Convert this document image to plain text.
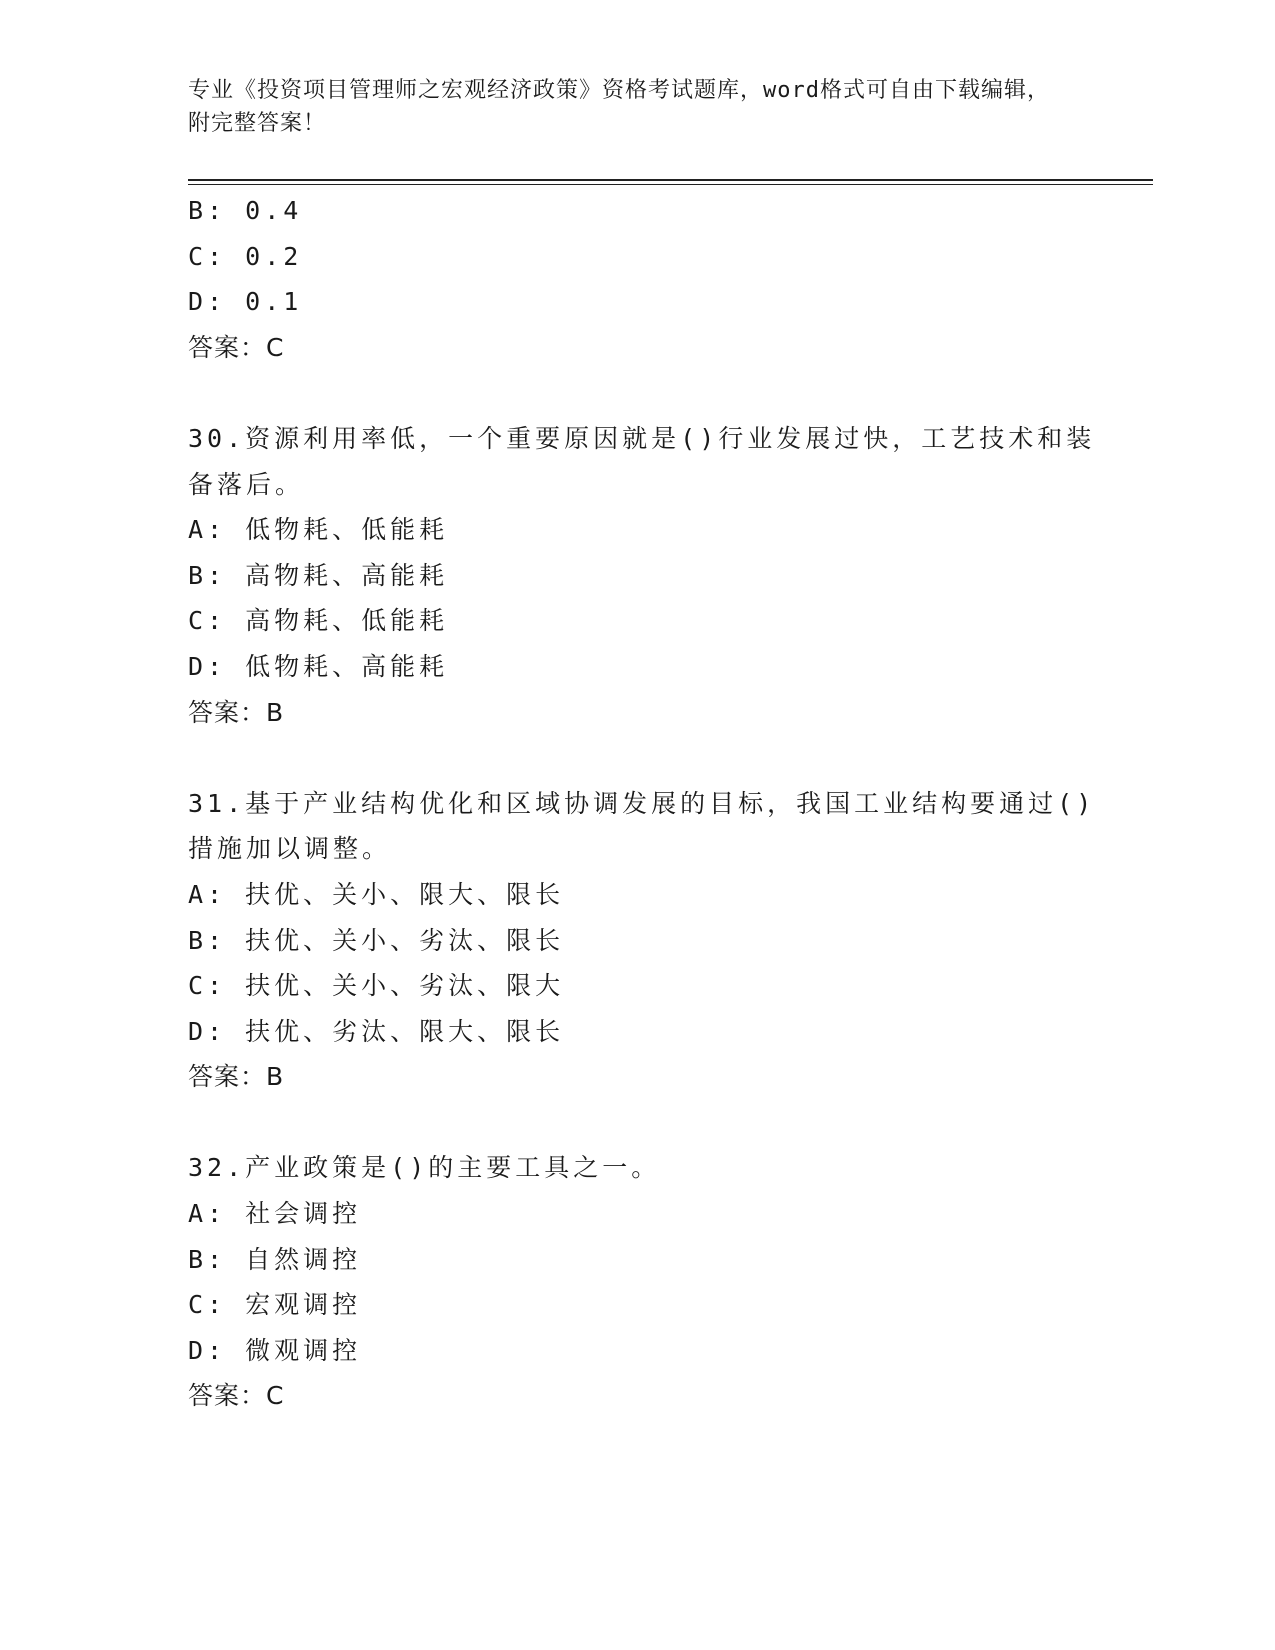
专业《投资项目管理师之宏观经济政策》资格考试题库，word格式可自由下载编辑，附完整答案！
B: 0.4
C: 0.2
D: 0.1
答案：C
30.资源利用率低，一个重要原因就是()行业发展过快，工艺技术和装
备落后。
A: 低物耗、低能耗
B: 高物耗、高能耗
C: 高物耗、低能耗
D: 低物耗、高能耗
答案：B
31.基于产业结构优化和区域协调发展的目标，我国工业结构要通过()
措施加以调整。
A: 扶优、关小、限大、限长
B: 扶优、关小、劣汰、限长
C: 扶优、关小、劣汰、限大
D: 扶优、劣汰、限大、限长
答案：B
32.产业政策是()的主要工具之一。
A: 社会调控
B: 自然调控
C: 宏观调控
D: 微观调控
答案：C
